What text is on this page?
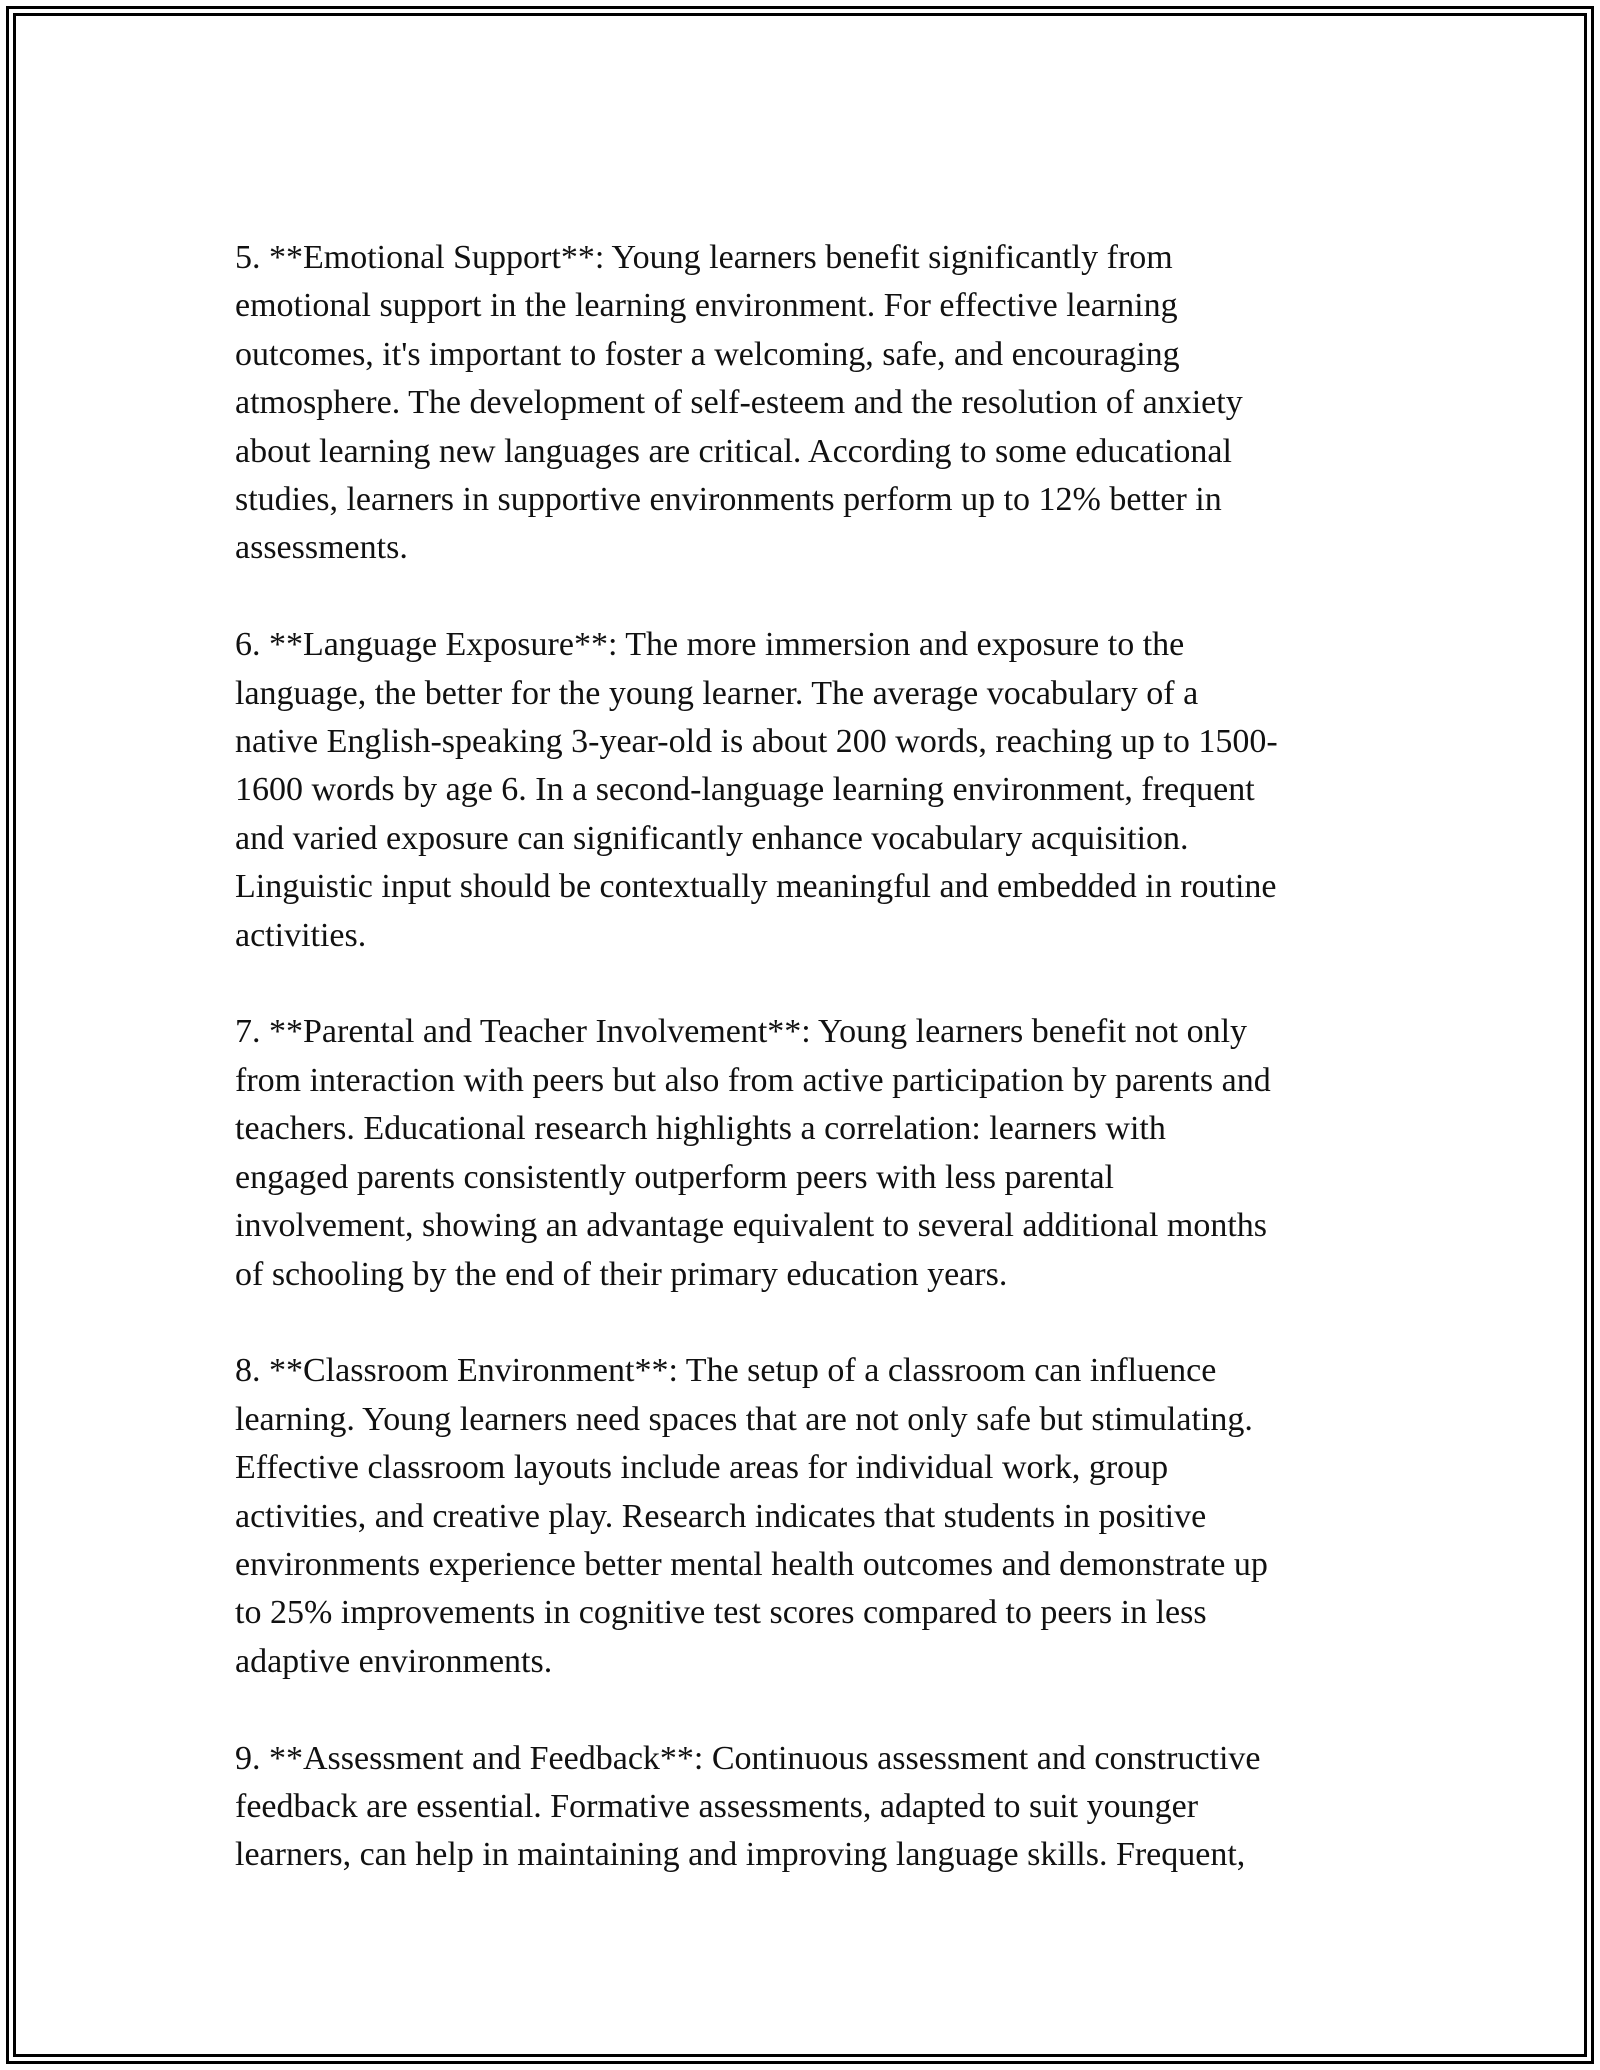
5. **Emotional Support**: Young learners benefit significantly from
emotional support in the learning environment. For effective learning
outcomes, it's important to foster a welcoming, safe, and encouraging
atmosphere. The development of self-esteem and the resolution of anxiety
about learning new languages are critical. According to some educational
studies, learners in supportive environments perform up to 12% better in
assessments.

6. **Language Exposure**: The more immersion and exposure to the
language, the better for the young learner. The average vocabulary of a
native English-speaking 3-year-old is about 200 words, reaching up to 1500-
1600 words by age 6. In a second-language learning environment, frequent
and varied exposure can significantly enhance vocabulary acquisition.
Linguistic input should be contextually meaningful and embedded in routine
activities.

7. **Parental and Teacher Involvement**: Young learners benefit not only
from interaction with peers but also from active participation by parents and
teachers. Educational research highlights a correlation: learners with
engaged parents consistently outperform peers with less parental
involvement, showing an advantage equivalent to several additional months
of schooling by the end of their primary education years.

8. **Classroom Environment**: The setup of a classroom can influence
learning. Young learners need spaces that are not only safe but stimulating.
Effective classroom layouts include areas for individual work, group
activities, and creative play. Research indicates that students in positive
environments experience better mental health outcomes and demonstrate up
to 25% improvements in cognitive test scores compared to peers in less
adaptive environments.

9. **Assessment and Feedback**: Continuous assessment and constructive
feedback are essential. Formative assessments, adapted to suit younger
learners, can help in maintaining and improving language skills. Frequent,
